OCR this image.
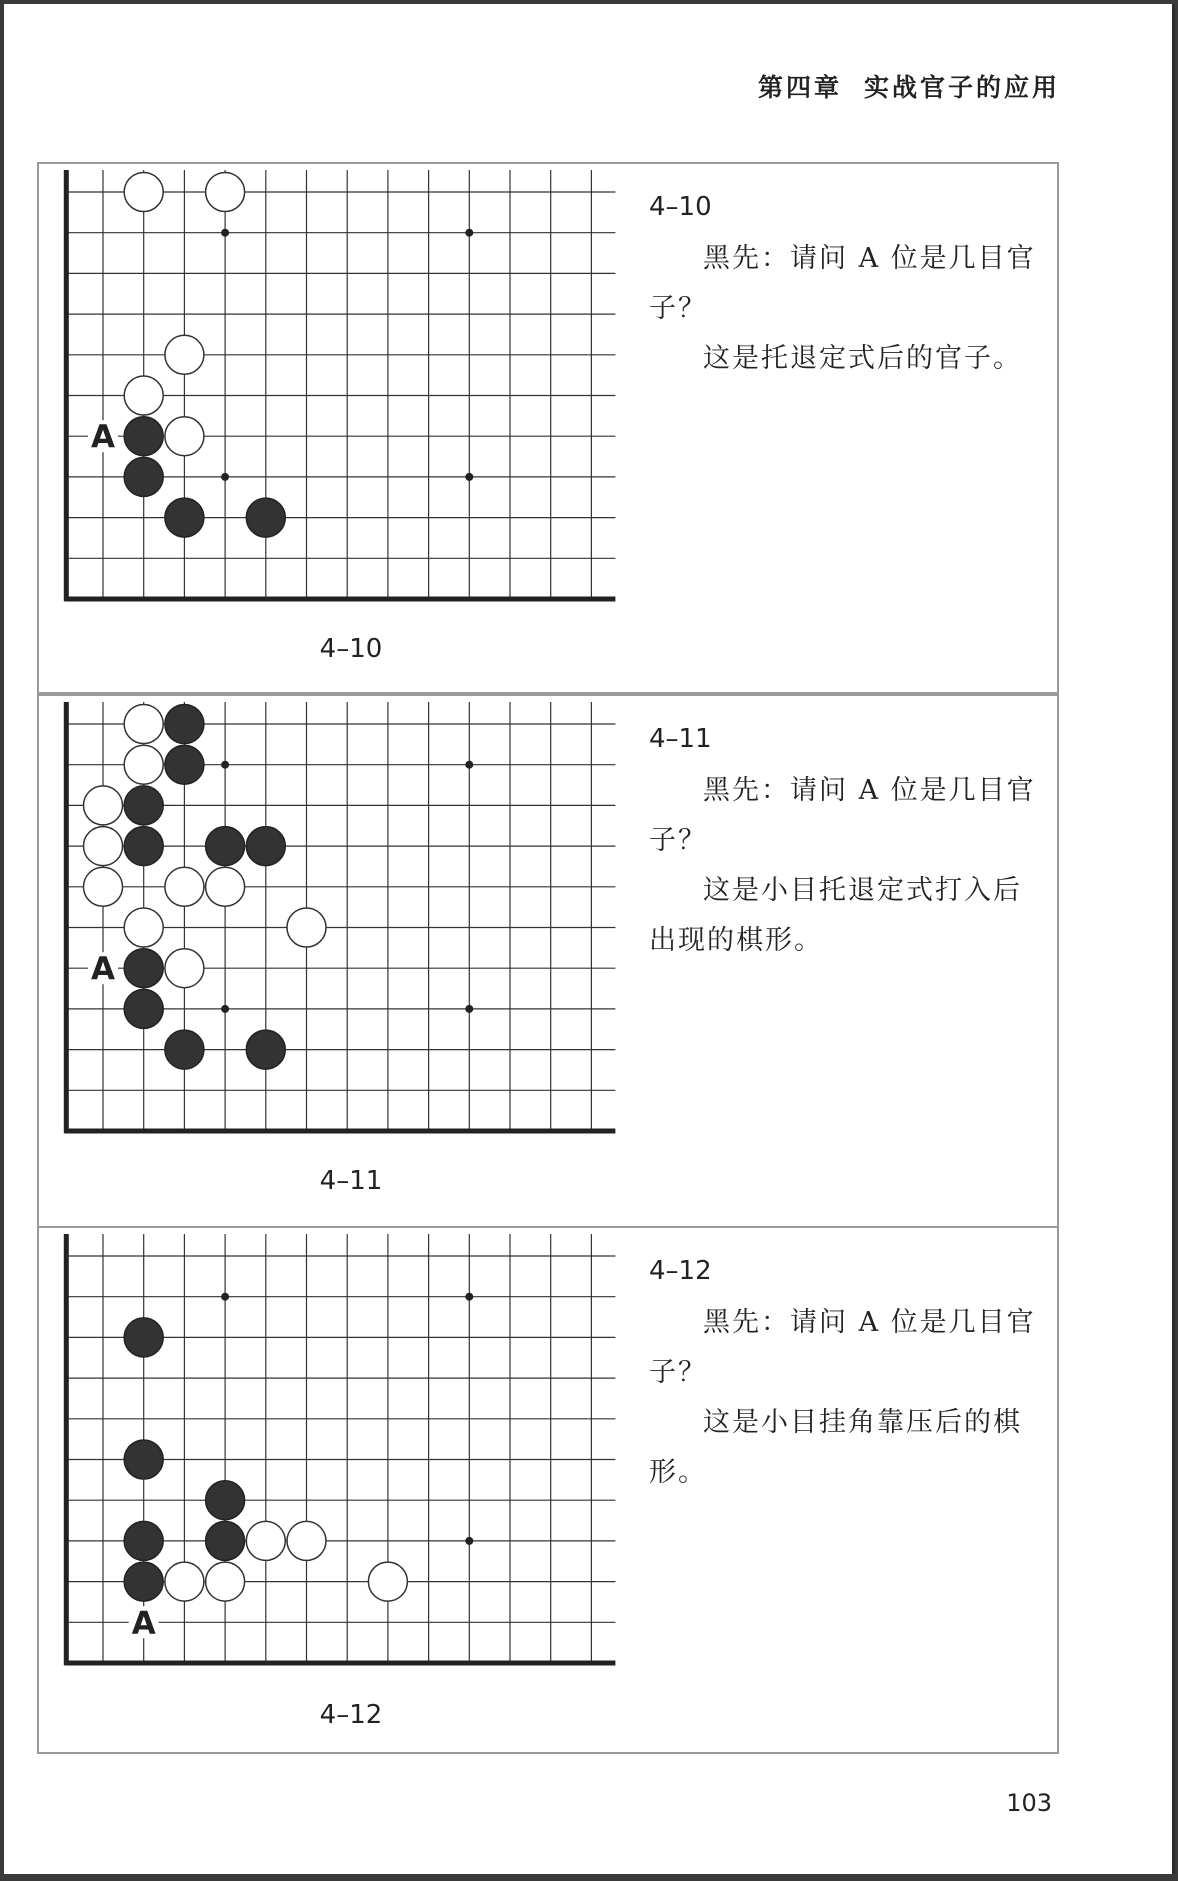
第四章 实战官子的应用
A
4–10
4–10

黑先：请问 A 位是几目官子？

这是托退定式后的官子。

A
4–11
4–11

黑先：请问 A 位是几目官子？

这是小目托退定式打入后出现的棋形。

A
4–12
4–12

黑先：请问 A 位是几目官子？

这是小目挂角靠压后的棋形。

103
